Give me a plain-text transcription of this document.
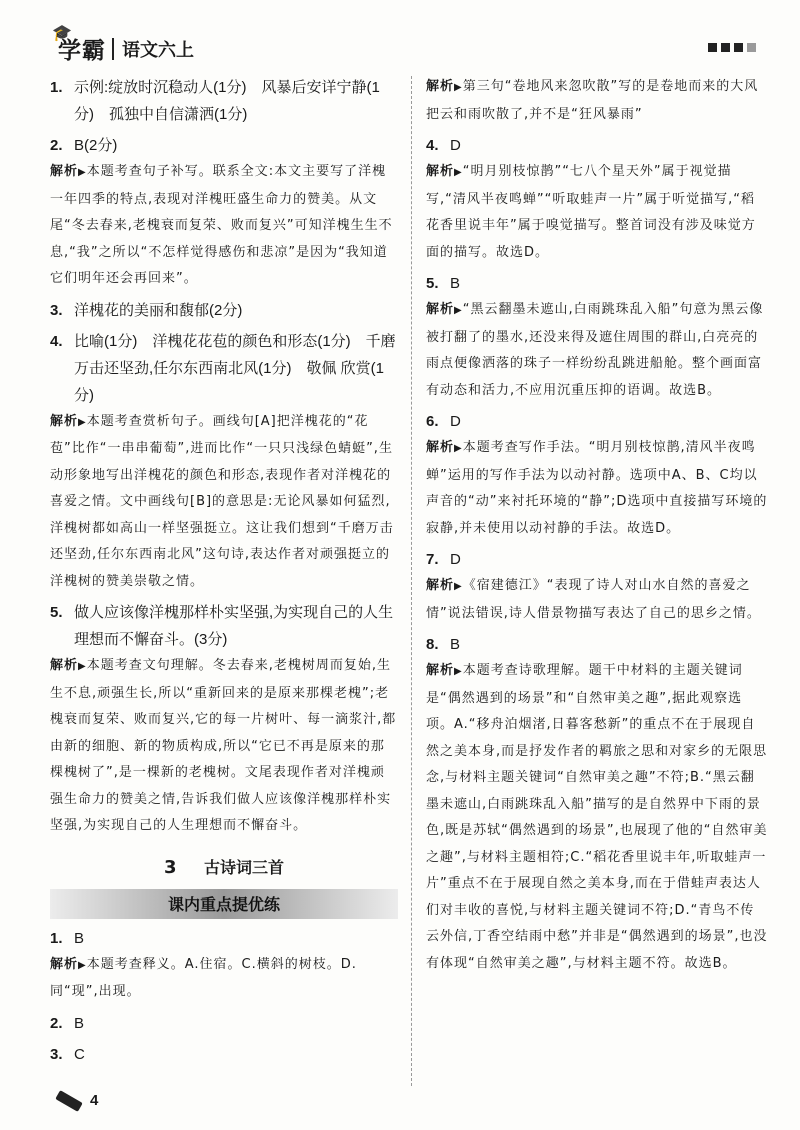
🎓
学霸 语文六上
1. 示例:绽放时沉稳动人(1分)　风暴后安详宁静(1分)　孤独中自信潇洒(1分)
2. B(2分)
解析▶本题考查句子补写。联系全文:本文主要写了洋槐一年四季的特点,表现对洋槐旺盛生命力的赞美。从文尾“冬去春来,老槐衰而复荣、败而复兴”可知洋槐生生不息,“我”之所以“不怎样觉得感伤和悲凉”是因为“我知道它们明年还会再回来”。
3. 洋槐花的美丽和馥郁(2分)
4. 比喻(1分)　洋槐花花苞的颜色和形态(1分)　千磨万击还坚劲,任尔东西南北风(1分)　敬佩 欣赏(1分)
解析▶本题考查赏析句子。画线句[A]把洋槐花的“花苞”比作“一串串葡萄”,进而比作“一只只浅绿色蜻蜓”,生动形象地写出洋槐花的颜色和形态,表现作者对洋槐花的喜爱之情。文中画线句[B]的意思是:无论风暴如何猛烈,洋槐树都如高山一样坚强挺立。这让我们想到“千磨万击还坚劲,任尔东西南北风”这句诗,表达作者对顽强挺立的洋槐树的赞美崇敬之情。
5. 做人应该像洋槐那样朴实坚强,为实现自己的人生理想而不懈奋斗。(3分)
解析▶本题考查文句理解。冬去春来,老槐树周而复始,生生不息,顽强生长,所以“重新回来的是原来那棵老槐”;老槐衰而复荣、败而复兴,它的每一片树叶、每一滴浆汁,都由新的细胞、新的物质构成,所以“它已不再是原来的那棵槐树了”,是一棵新的老槐树。文尾表现作者对洋槐顽强生命力的赞美之情,告诉我们做人应该像洋槐那样朴实坚强,为实现自己的人生理想而不懈奋斗。
3 古诗词三首
课内重点提优练
1. B
解析▶本题考查释义。A.住宿。C.横斜的树枝。D.同“现”,出现。
2. B
3. C
解析▶第三句“卷地风来忽吹散”写的是卷地而来的大风把云和雨吹散了,并不是“狂风暴雨”
4. D
解析▶“明月别枝惊鹊”“七八个星天外”属于视觉描写,“清风半夜鸣蝉”“听取蛙声一片”属于听觉描写,“稻花香里说丰年”属于嗅觉描写。整首词没有涉及味觉方面的描写。故选D。
5. B
解析▶“黑云翻墨未遮山,白雨跳珠乱入船”句意为黑云像被打翻了的墨水,还没来得及遮住周围的群山,白亮亮的雨点便像洒落的珠子一样纷纷乱跳进船舱。整个画面富有动态和活力,不应用沉重压抑的语调。故选B。
6. D
解析▶本题考查写作手法。“明月别枝惊鹊,清风半夜鸣蝉”运用的写作手法为以动衬静。选项中A、B、C均以声音的“动”来衬托环境的“静”;D选项中直接描写环境的寂静,并未使用以动衬静的手法。故选D。
7. D
解析▶《宿建德江》“表现了诗人对山水自然的喜爱之情”说法错误,诗人借景物描写表达了自己的思乡之情。
8. B
解析▶本题考查诗歌理解。题干中材料的主题关键词是“偶然遇到的场景”和“自然审美之趣”,据此观察选项。A.“移舟泊烟渚,日暮客愁新”的重点不在于展现自然之美本身,而是抒发作者的羁旅之思和对家乡的无限思念,与材料主题关键词“自然审美之趣”不符;B.“黑云翻墨未遮山,白雨跳珠乱入船”描写的是自然界中下雨的景色,既是苏轼“偶然遇到的场景”,也展现了他的“自然审美之趣”,与材料主题相符;C.“稻花香里说丰年,听取蛙声一片”重点不在于展现自然之美本身,而在于借蛙声表达人们对丰收的喜悦,与材料主题关键词不符;D.“青鸟不传云外信,丁香空结雨中愁”并非是“偶然遇到的场景”,也没有体现“自然审美之趣”,与材料主题不符。故选B。
4
